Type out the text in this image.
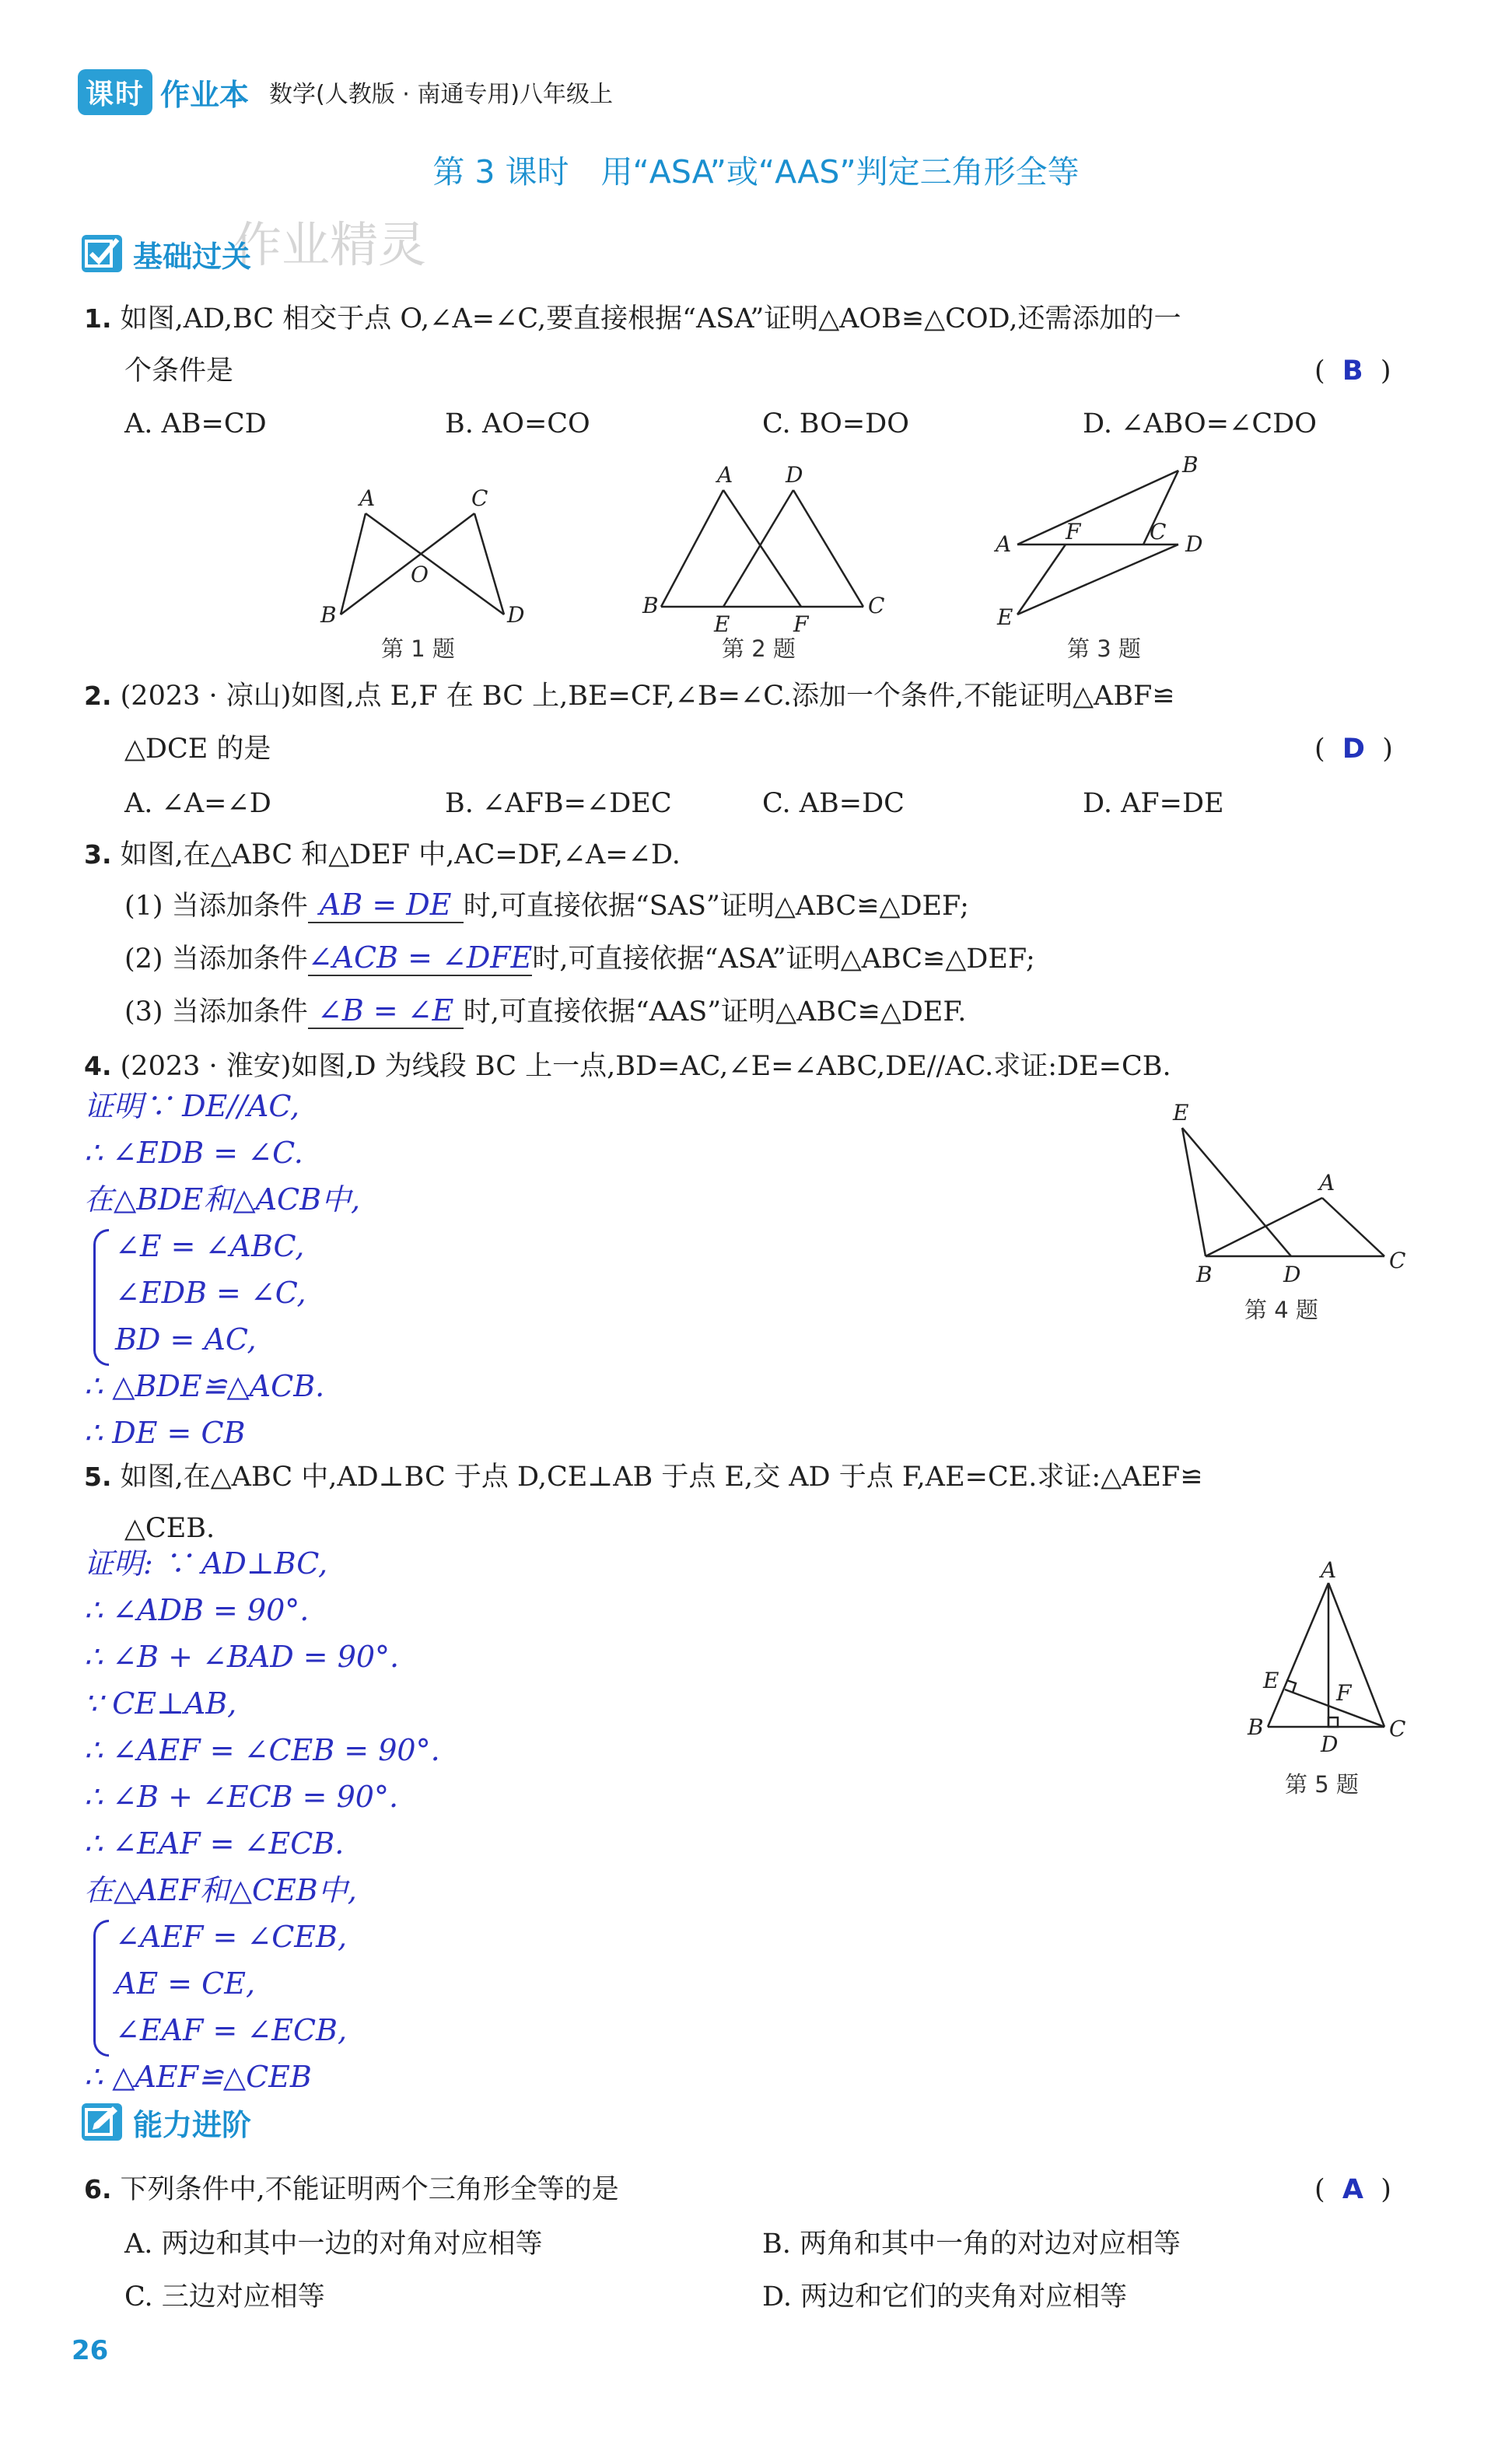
课时 作业本 数学(人教版 · 南通专用)八年级上
第 3 课时　用“ASA”或“AAS”判定三角形全等
作业精灵
基础过关
1. 如图,AD,BC 相交于点 O,∠A=∠C,要直接根据“ASA”证明△AOB≌△COD,还需添加的一
个条件是	(  B  )
A. AB=CD	B. AO=CO	C. BO=DO	D. ∠ABO=∠CDO
A	C
O
B	D
第 1 题
A D
B
E	F
C
第 2 题
B
A F	C D
E
第 3 题
2. (2023 · 凉山)如图,点 E,F 在 BC 上,BE=CF,∠B=∠C.添加一个条件,不能证明△ABF≌
△DCE 的是	(  D  )
A. ∠A=∠D	B. ∠AFB=∠DEC	C. AB=DC	D. AF=DE
3. 如图,在△ABC 和△DEF 中,AC=DF,∠A=∠D.
(1) 当添加条件 AB = DE 时,可直接依据“SAS”证明△ABC≌△DEF;
(2) 当添加条件∠ACB = ∠DFE时,可直接依据“ASA”证明△ABC≌△DEF;
(3) 当添加条件 ∠B = ∠E 时,可直接依据“AAS”证明△ABC≌△DEF.
4. (2023 · 淮安)如图,D 为线段 BC 上一点,BD=AC,∠E=∠ABC,DE//AC.求证:DE=CB.
证明∵ DE//AC,
∴ ∠EDB = ∠C.
在△BDE和△ACB中,
∠E = ∠ABC,
∠EDB = ∠C,
BD = AC,
∴ △BDE≌△ACB.
∴ DE = CB
E
A
B	D
C
第 4 题
5. 如图,在△ABC 中,AD⊥BC 于点 D,CE⊥AB 于点 E,交 AD 于点 F,AE=CE.求证:△AEF≌
△CEB.
证明: ∵ AD⊥BC,
∴ ∠ADB = 90°.
∴ ∠B + ∠BAD = 90°.
∵ CE⊥AB,
∴ ∠AEF = ∠CEB = 90°.
∴ ∠B + ∠ECB = 90°.
∴ ∠EAF = ∠ECB.
在△AEF和△CEB中,
∠AEF = ∠CEB,
AE = CE,
∠EAF = ∠ECB,
∴ △AEF≌△CEB
A
E	F
B
D
C
第 5 题
能力进阶
6. 下列条件中,不能证明两个三角形全等的是	(  A  )
A. 两边和其中一边的对角对应相等	B. 两角和其中一角的对边对应相等
C. 三边对应相等	D. 两边和它们的夹角对应相等
26
